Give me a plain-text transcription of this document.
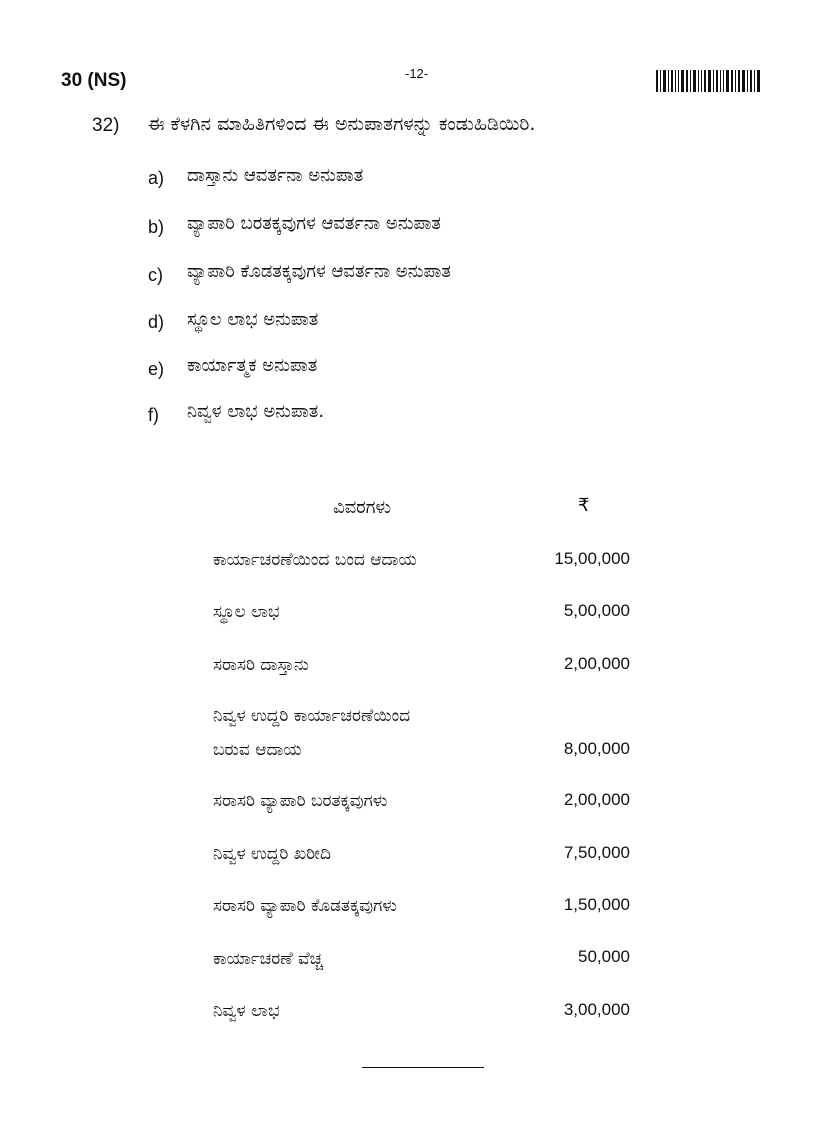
30 (NS)	-12-
32) ಈ ಕೆಳಗಿನ ಮಾಹಿತಿಗಳಿಂದ ಈ ಅನುಪಾತಗಳನ್ನು ಕಂಡುಹಿಡಿಯಿರಿ.
a) ದಾಸ್ತಾನು ಆವರ್ತನಾ ಅನುಪಾತ
b) ವ್ಯಾಪಾರಿ ಬರತಕ್ಕವುಗಳ ಆವರ್ತನಾ ಅನುಪಾತ
c) ವ್ಯಾಪಾರಿ ಕೊಡತಕ್ಕವುಗಳ ಆವರ್ತನಾ ಅನುಪಾತ
d) ಸ್ಥೂಲ ಲಾಭ ಅನುಪಾತ
e) ಕಾರ್ಯಾತ್ಮಕ ಅನುಪಾತ
f) ನಿವ್ವಳ ಲಾಭ ಅನುಪಾತ.
ವಿವರಗಳು	₹
ಕಾರ್ಯಾಚರಣೆಯಿಂದ ಬಂದ ಆದಾಯ	15,00,000
ಸ್ಥೂಲ ಲಾಭ	5,00,000
ಸರಾಸರಿ ದಾಸ್ತಾನು	2,00,000
ನಿವ್ವಳ ಉದ್ದರಿ ಕಾರ್ಯಾಚರಣೆಯಿಂದ
ಬರುವ ಆದಾಯ	8,00,000
ಸರಾಸರಿ ವ್ಯಾಪಾರಿ ಬರತಕ್ಕವುಗಳು	2,00,000
ನಿವ್ವಳ ಉದ್ದರಿ ಖರೀದಿ	7,50,000
ಸರಾಸರಿ ವ್ಯಾಪಾರಿ ಕೊಡತಕ್ಕವುಗಳು	1,50,000
ಕಾರ್ಯಾಚರಣೆ ವೆಚ್ಚ	50,000
ನಿವ್ವಳ ಲಾಭ	3,00,000
